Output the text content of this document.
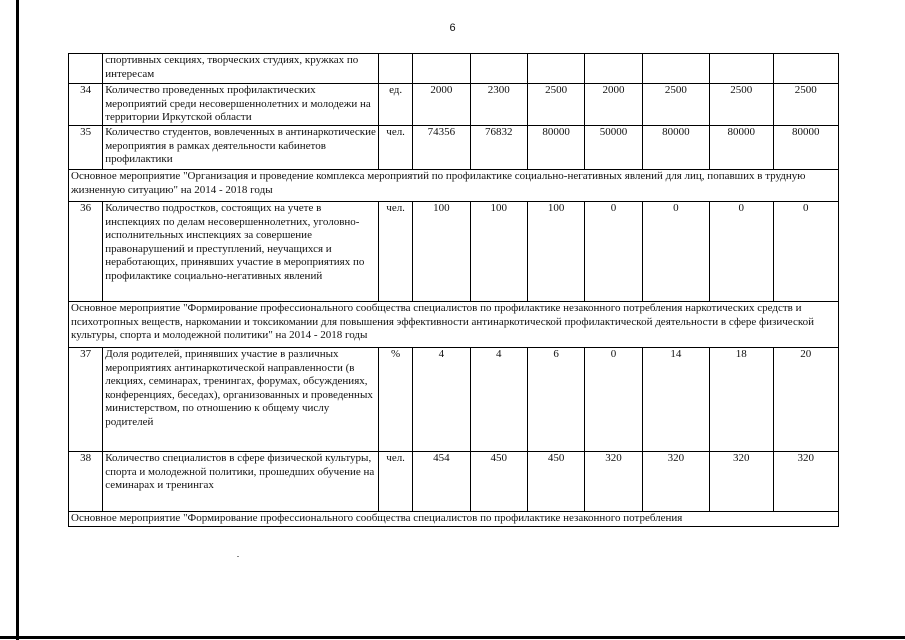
6
	спортивных секциях, творческих студиях, кружках по интересам								
34	Количество проведенных профилактических мероприятий среди несовершеннолетних и молодежи на территории Иркутской области	ед.	2000	2300	2500	2000	2500	2500	2500
35	Количество студентов, вовлеченных в антинаркотические мероприятия в рамках деятельности кабинетов профилактики	чел.	74356	76832	80000	50000	80000	80000	80000
Основное мероприятие "Организация и проведение комплекса мероприятий по профилактике социально-негативных явлений для лиц, попавших в трудную жизненную ситуацию" на 2014 - 2018 годы									
36	Количество подростков, состоящих на учете в инспекциях по делам несовершеннолетних, уголовно-исполнительных инспекциях за совершение правонарушений и преступлений, неучащихся и неработающих, принявших участие в мероприятиях по профилактике социально-негативных явлений	чел.	100	100	100	0	0	0	0
Основное мероприятие "Формирование профессионального сообщества специалистов по профилактике незаконного потребления наркотических средств и психотропных веществ, наркомании и токсикомании для повышения эффективности антинаркотической профилактической деятельности в сфере физической культуры, спорта и молодежной политики" на 2014 - 2018 годы									
37	Доля родителей, принявших участие в различных мероприятиях антинаркотической направленности (в лекциях, семинарах, тренингах, форумах, обсуждениях, конференциях, беседах), организованных и проведенных министерством, по отношению к общему числу родителей	%	4	4	6	0	14	18	20
38	Количество специалистов в сфере физической культуры, спорта и молодежной политики, прошедших обучение на семинарах и тренингах	чел.	454	450	450	320	320	320	320
Основное мероприятие "Формирование профессионального сообщества специалистов по профилактике незаконного потребления									
